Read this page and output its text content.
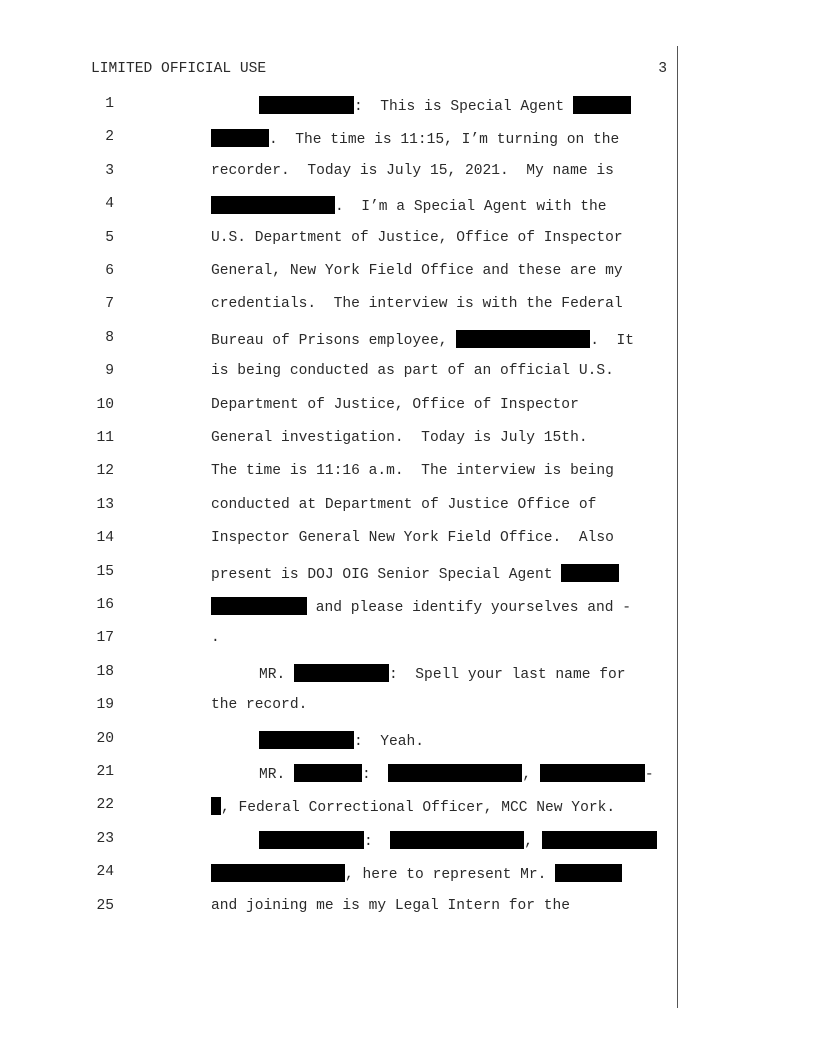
LIMITED OFFICIAL USE	3
1	:  This is Special Agent
2	.  The time is 11:15, I’m turning on the
3	recorder.  Today is July 15, 2021.  My name is
4	.  I’m a Special Agent with the
5	U.S. Department of Justice, Office of Inspector
6	General, New York Field Office and these are my
7	credentials.  The interview is with the Federal
8	Bureau of Prisons employee,	.  It
9	is being conducted as part of an official U.S.
10	Department of Justice, Office of Inspector
11	General investigation.  Today is July 15th.
12	The time is 11:16 a.m.  The interview is being
13	conducted at Department of Justice Office of
14	Inspector General New York Field Office.  Also
15	present is DOJ OIG Senior Special Agent
16	and please identify yourselves and -
17	.
18	MR.	:  Spell your last name for
19	the record.
20	:  Yeah.
21	MR.	:	,	-
22	, Federal Correctional Officer, MCC New York.
23	:	,
24	, here to represent Mr.
25	and joining me is my Legal Intern for the
